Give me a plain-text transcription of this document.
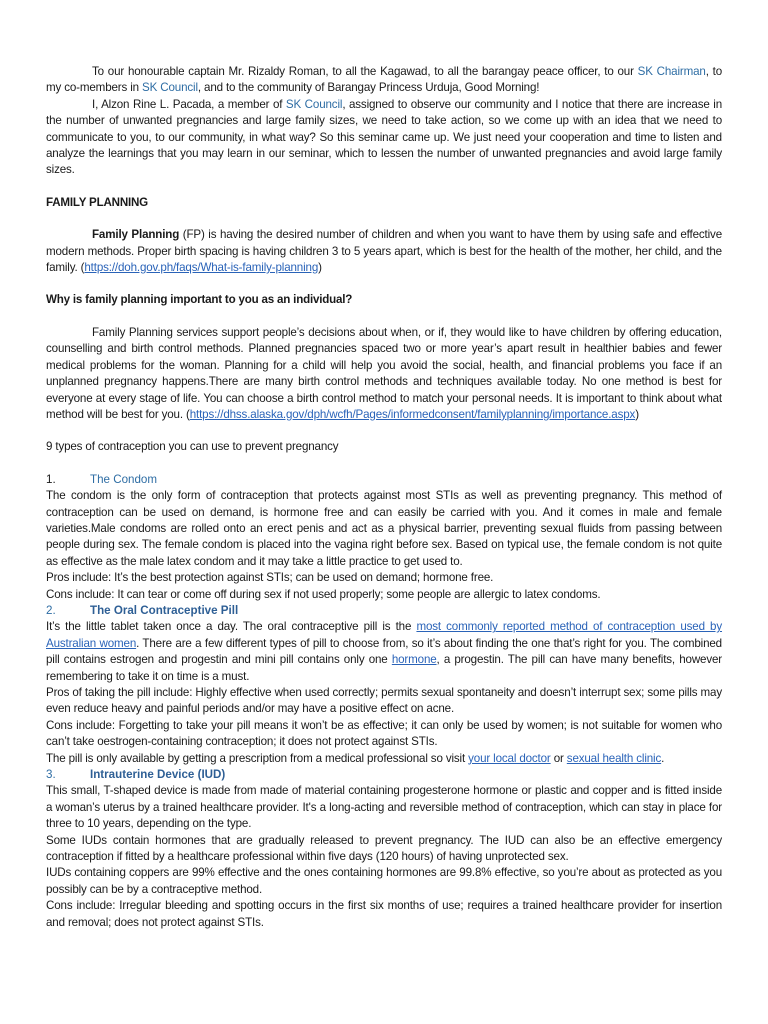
To our honourable captain Mr. Rizaldy Roman, to all the Kagawad, to all the barangay peace officer, to our SK Chairman, to my co-members in SK Council, and to the community of Barangay Princess Urduja, Good Morning!

I, Alzon Rine L. Pacada, a member of SK Council, assigned to observe our community and I notice that there are increase in the number of unwanted pregnancies and large family sizes, we need to take action, so we come up with an idea that we need to communicate to you, to our community, in what way? So this seminar came up. We just need your cooperation and time to listen and analyze the learnings that you may learn in our seminar, which to lessen the number of unwanted pregnancies and avoid large family sizes.

FAMILY PLANNING

Family Planning (FP) is having the desired number of children and when you want to have them by using safe and effective modern methods. Proper birth spacing is having children 3 to 5 years apart, which is best for the health of the mother, her child, and the family. (https://doh.gov.ph/faqs/What-is-family-planning)

Why is family planning important to you as an individual?

Family Planning services support people’s decisions about when, or if, they would like to have children by offering education, counselling and birth control methods. Planned pregnancies spaced two or more year’s apart result in healthier babies and fewer medical problems for the woman. Planning for a child will help you avoid the social, health, and financial problems you face if an unplanned pregnancy happens.There are many birth control methods and techniques available today. No one method is best for everyone at every stage of life. You can choose a birth control method to match your personal needs. It is important to think about what method will be best for you. (https://dhss.alaska.gov/dph/wcfh/Pages/informedconsent/familyplanning/importance.aspx)

9 types of contraception you can use to prevent pregnancy

1.	The Condom

The condom is the only form of contraception that protects against most STIs as well as preventing pregnancy. This method of contraception can be used on demand, is hormone free and can easily be carried with you. And it comes in male and female varieties.Male condoms are rolled onto an erect penis and act as a physical barrier, preventing sexual fluids from passing between people during sex. The female condom is placed into the vagina right before sex. Based on typical use, the female condom is not quite as effective as the male latex condom and it may take a little practice to get used to.

Pros include: It’s the best protection against STIs; can be used on demand; hormone free.

Cons include: It can tear or come off during sex if not used properly; some people are allergic to latex condoms.

2.	The Oral Contraceptive Pill

It’s the little tablet taken once a day. The oral contraceptive pill is the most commonly reported method of contraception used by Australian women. There are a few different types of pill to choose from, so it’s about finding the one that’s right for you. The combined pill contains estrogen and progestin and mini pill contains only one hormone, a progestin. The pill can have many benefits, however remembering to take it on time is a must.

Pros of taking the pill include: Highly effective when used correctly; permits sexual spontaneity and doesn’t interrupt sex; some pills may even reduce heavy and painful periods and/or may have a positive effect on acne.

Cons include: Forgetting to take your pill means it won’t be as effective; it can only be used by women; is not suitable for women who can’t take oestrogen-containing contraception; it does not protect against STIs.

The pill is only available by getting a prescription from a medical professional so visit your local doctor or sexual health clinic.

3.	Intrauterine Device (IUD)

This small, T-shaped device is made from made of material containing progesterone hormone or plastic and copper and is fitted inside a woman’s uterus by a trained healthcare provider. It's a long-acting and reversible method of contraception, which can stay in place for three to 10 years, depending on the type.

Some IUDs contain hormones that are gradually released to prevent pregnancy. The IUD can also be an effective emergency contraception if fitted by a healthcare professional within five days (120 hours) of having unprotected sex.

IUDs containing coppers are 99% effective and the ones containing hormones are 99.8% effective, so you’re about as protected as you possibly can be by a contraceptive method.

Cons include: Irregular bleeding and spotting occurs in the first six months of use; requires a trained healthcare provider for insertion and removal; does not protect against STIs.
